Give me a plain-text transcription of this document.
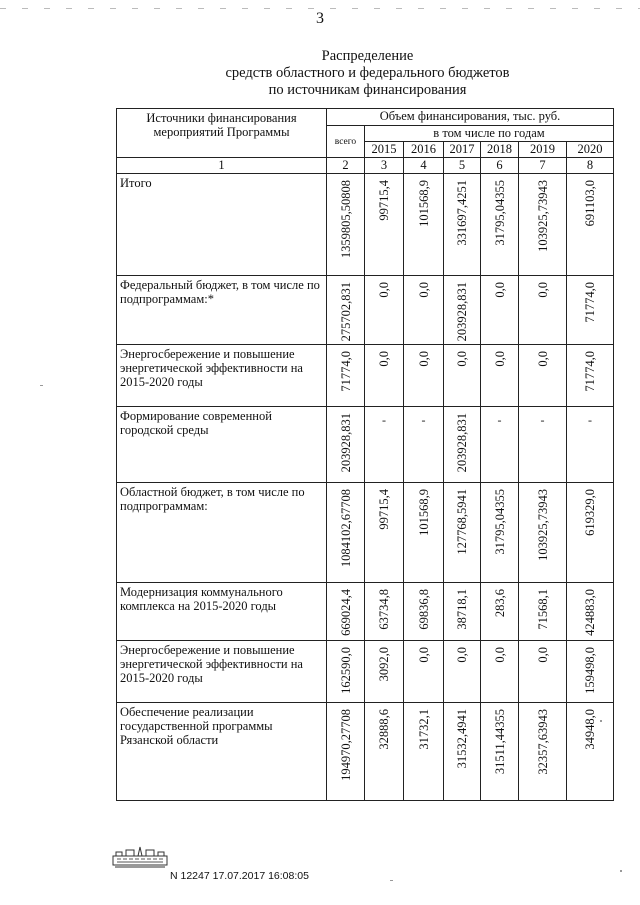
3
Распределение
средств областного и федерального бюджетов
по источникам финансирования
Источники финансирования мероприятий Программы	Объем финансирования, тыс. руб.						
	всего	в том числе по годам					
		2015	2016	2017	2018	2019	2020
1	2	3	4	5	6	7	8
Итого	1359805,50808	99715,4	101568,9	331697,4251	31795,04355	103925,73943	691103,0
Федеральный бюджет, в том числе по подпрограммам:*	275702,831	0,0	0,0	203928,831	0,0	0,0	71774,0
Энергосбережение и повышение энергетической эффективности на 2015-2020 годы	71774,0	0,0	0,0	0,0	0,0	0,0	71774,0
Формирование современной городской среды	203928,831	-	-	203928,831	-	-	-
Областной бюджет, в том числе по подпрограммам:	1084102,67708	99715,4	101568,9	127768,5941	31795,04355	103925,73943	619329,0
Модернизация коммунального комплекса на 2015-2020 годы	669024,4	63734,8	69836,8	38718,1	283,6	71568,1	424883,0
Энергосбережение и повышение энергетической эффективности на 2015-2020 годы	162590,0	3092,0	0,0	0,0	0,0	0,0	159498,0
Обеспечение реализации государственной программы Рязанской области	194970,27708	32888,6	31732,1	31532,4941	31511,44355	32357,63943	34948,0
N 12247 17.07.2017 16:08:05
